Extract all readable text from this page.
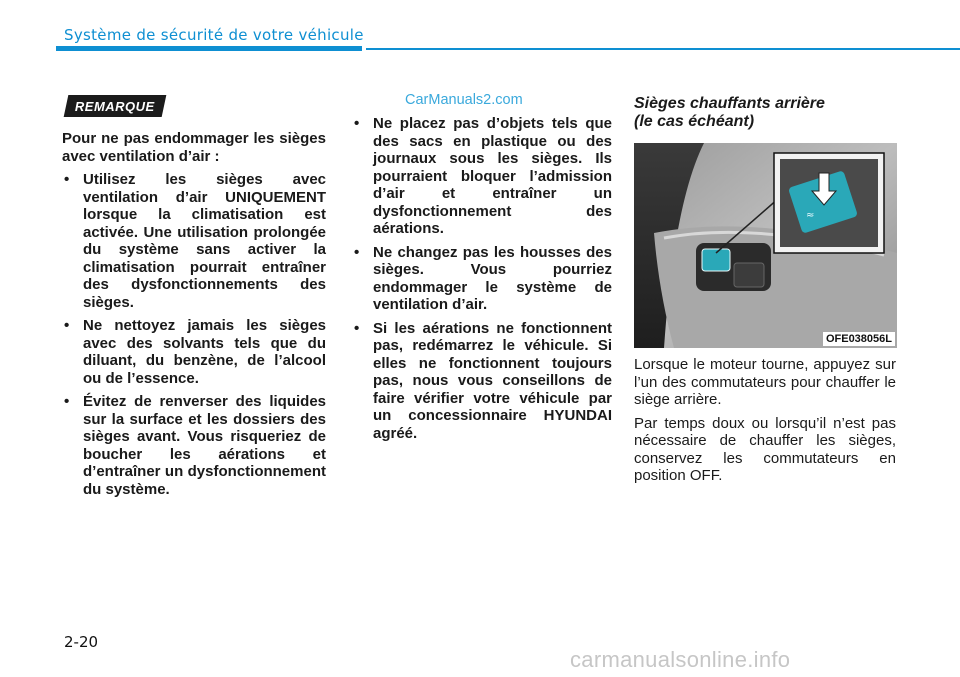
Système de sécurité de votre véhicule
REMARQUE	CarManuals2.com

Pour ne pas endommager les sièges avec ventilation d’air :

• Utilisez les sièges avec ventilation d’air UNIQUEMENT lorsque la climatisation est activée. Une utilisation prolongée du système sans activer la climatisation pourrait entraîner des dysfonctionnements des sièges.
• Ne nettoyez jamais les sièges avec des solvants tels que du diluant, du benzène, de l’alcool ou de l’essence.
• Évitez de renverser des liquides sur la surface et les dossiers des sièges avant. Vous risqueriez de boucher les aérations et d’entraîner un dysfonctionnement du système.
• Ne placez pas d’objets tels que des sacs en plastique ou des journaux sous les sièges. Ils pourraient bloquer l’admission d’air et entraîner un dysfonctionnement des aérations.
• Ne changez pas les housses des sièges. Vous pourriez endommager le système de ventilation d’air.
• Si les aérations ne fonctionnent pas, redémarrez le véhicule. Si elles ne fonctionnent toujours pas, nous vous conseillons de faire vérifier votre véhicule par un concessionnaire HYUNDAI agréé.
Sièges chauffants arrière
(le cas échéant)
≈
OFE038056L

Lorsque le moteur tourne, appuyez sur l’un des commutateurs pour chauffer le siège arrière.

Par temps doux ou lorsqu’il n’est pas nécessaire de chauffer les sièges, conservez les commutateurs en position OFF.

2-20
carmanualsonline.info
